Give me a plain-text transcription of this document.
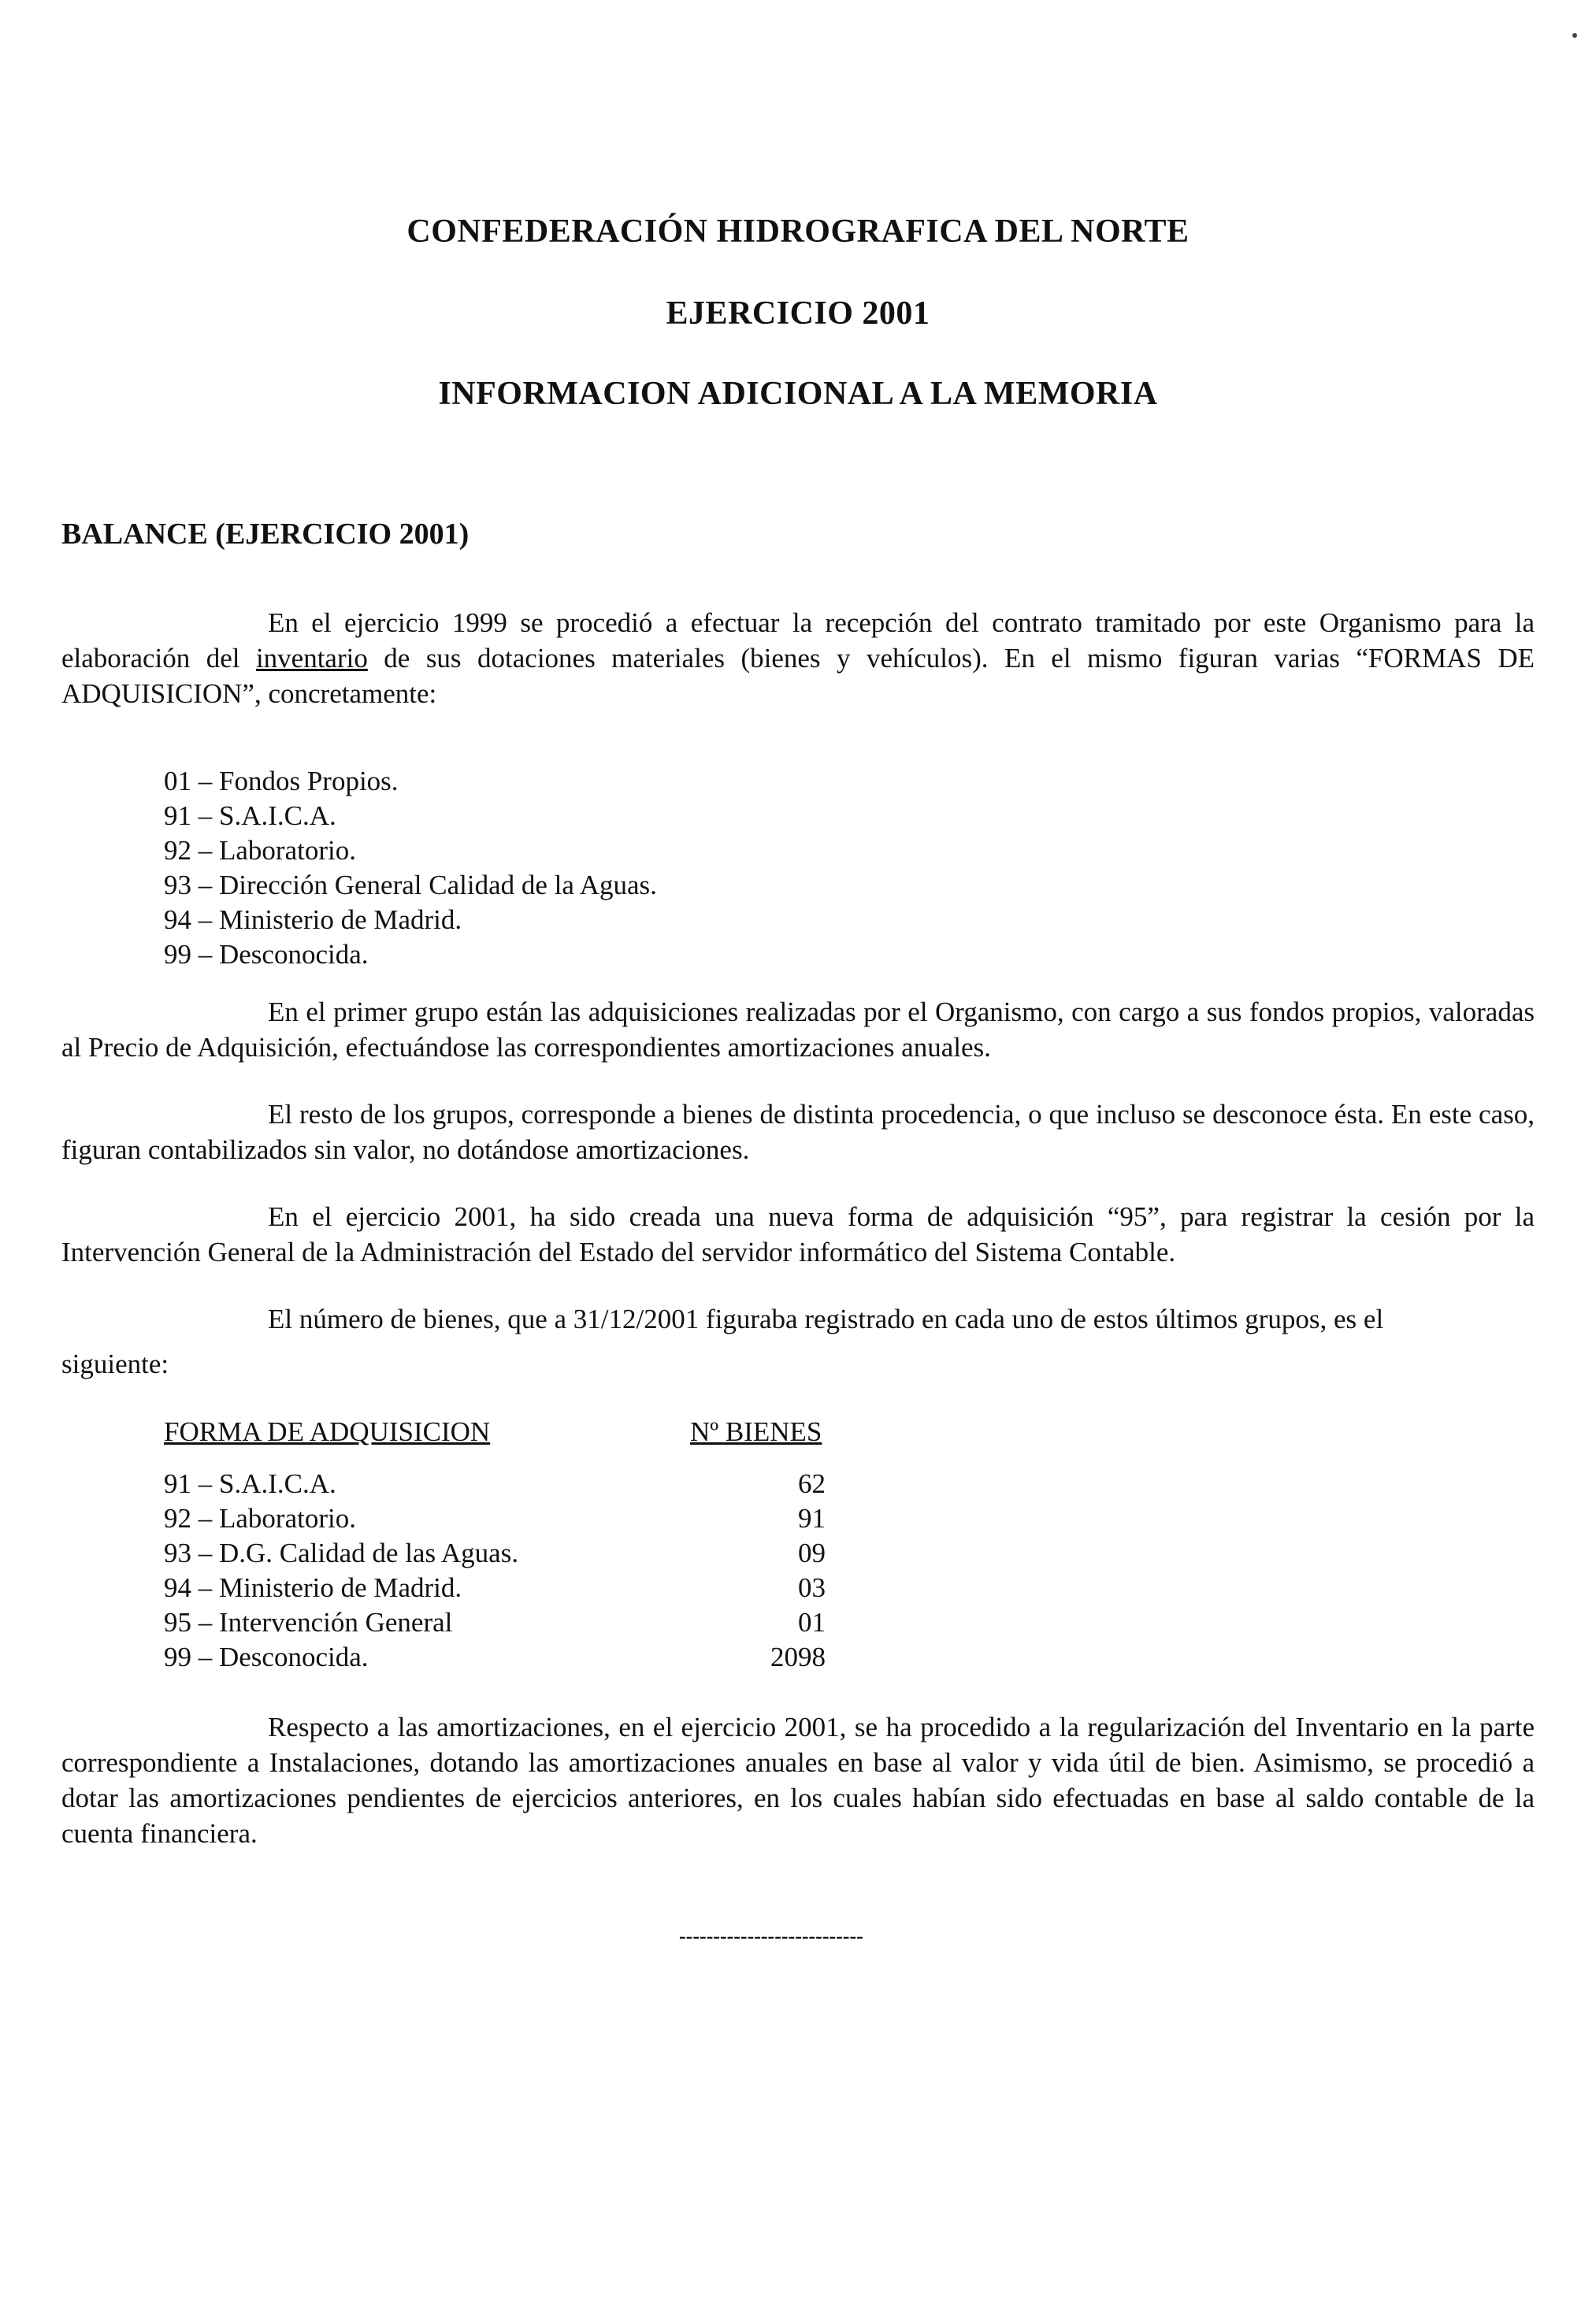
CONFEDERACIÓN HIDROGRAFICA DEL NORTE
EJERCICIO 2001
INFORMACION ADICIONAL A LA MEMORIA
BALANCE (EJERCICIO 2001)

En el ejercicio 1999 se procedió a efectuar la recepción del contrato tramitado por este Organismo para la elaboración del inventario de sus dotaciones materiales (bienes y vehículos). En el mismo figuran varias “FORMAS DE ADQUISICION”, concretamente:

01 – Fondos Propios.
91 – S.A.I.C.A.
92 – Laboratorio.
93 – Dirección General Calidad de la Aguas.
94 – Ministerio de Madrid.
99 – Desconocida.

En el primer grupo están las adquisiciones realizadas por el Organismo, con cargo a sus fondos propios, valoradas al Precio de Adquisición, efectuándose las correspondientes amortizaciones anuales.

El resto de los grupos, corresponde a bienes de distinta procedencia, o que incluso se desconoce ésta. En este caso, figuran contabilizados sin valor, no dotándose amortizaciones.

En el ejercicio 2001, ha sido creada una nueva forma de adquisición “95”, para registrar la cesión por la Intervención General de la Administración del Estado del servidor informático del Sistema Contable.

El número de bienes, que a 31/12/2001 figuraba registrado en cada uno de estos últimos grupos, es el

siguiente:
FORMA DE ADQUISICION	Nº BIENES
91 – S.A.I.C.A.	62
92 – Laboratorio.	91
93 – D.G. Calidad de las Aguas.	09
94 – Ministerio de Madrid.	03
95 – Intervención General	01
99 – Desconocida.	2098

Respecto a las amortizaciones, en el ejercicio 2001, se ha procedido a la regularización del Inventario en la parte correspondiente a Instalaciones, dotando las amortizaciones anuales en base al valor y vida útil de bien. Asimismo, se procedió a dotar las amortizaciones pendientes de ejercicios anteriores, en los cuales habían sido efectuadas en base al saldo contable de la cuenta financiera.

---------------------------
